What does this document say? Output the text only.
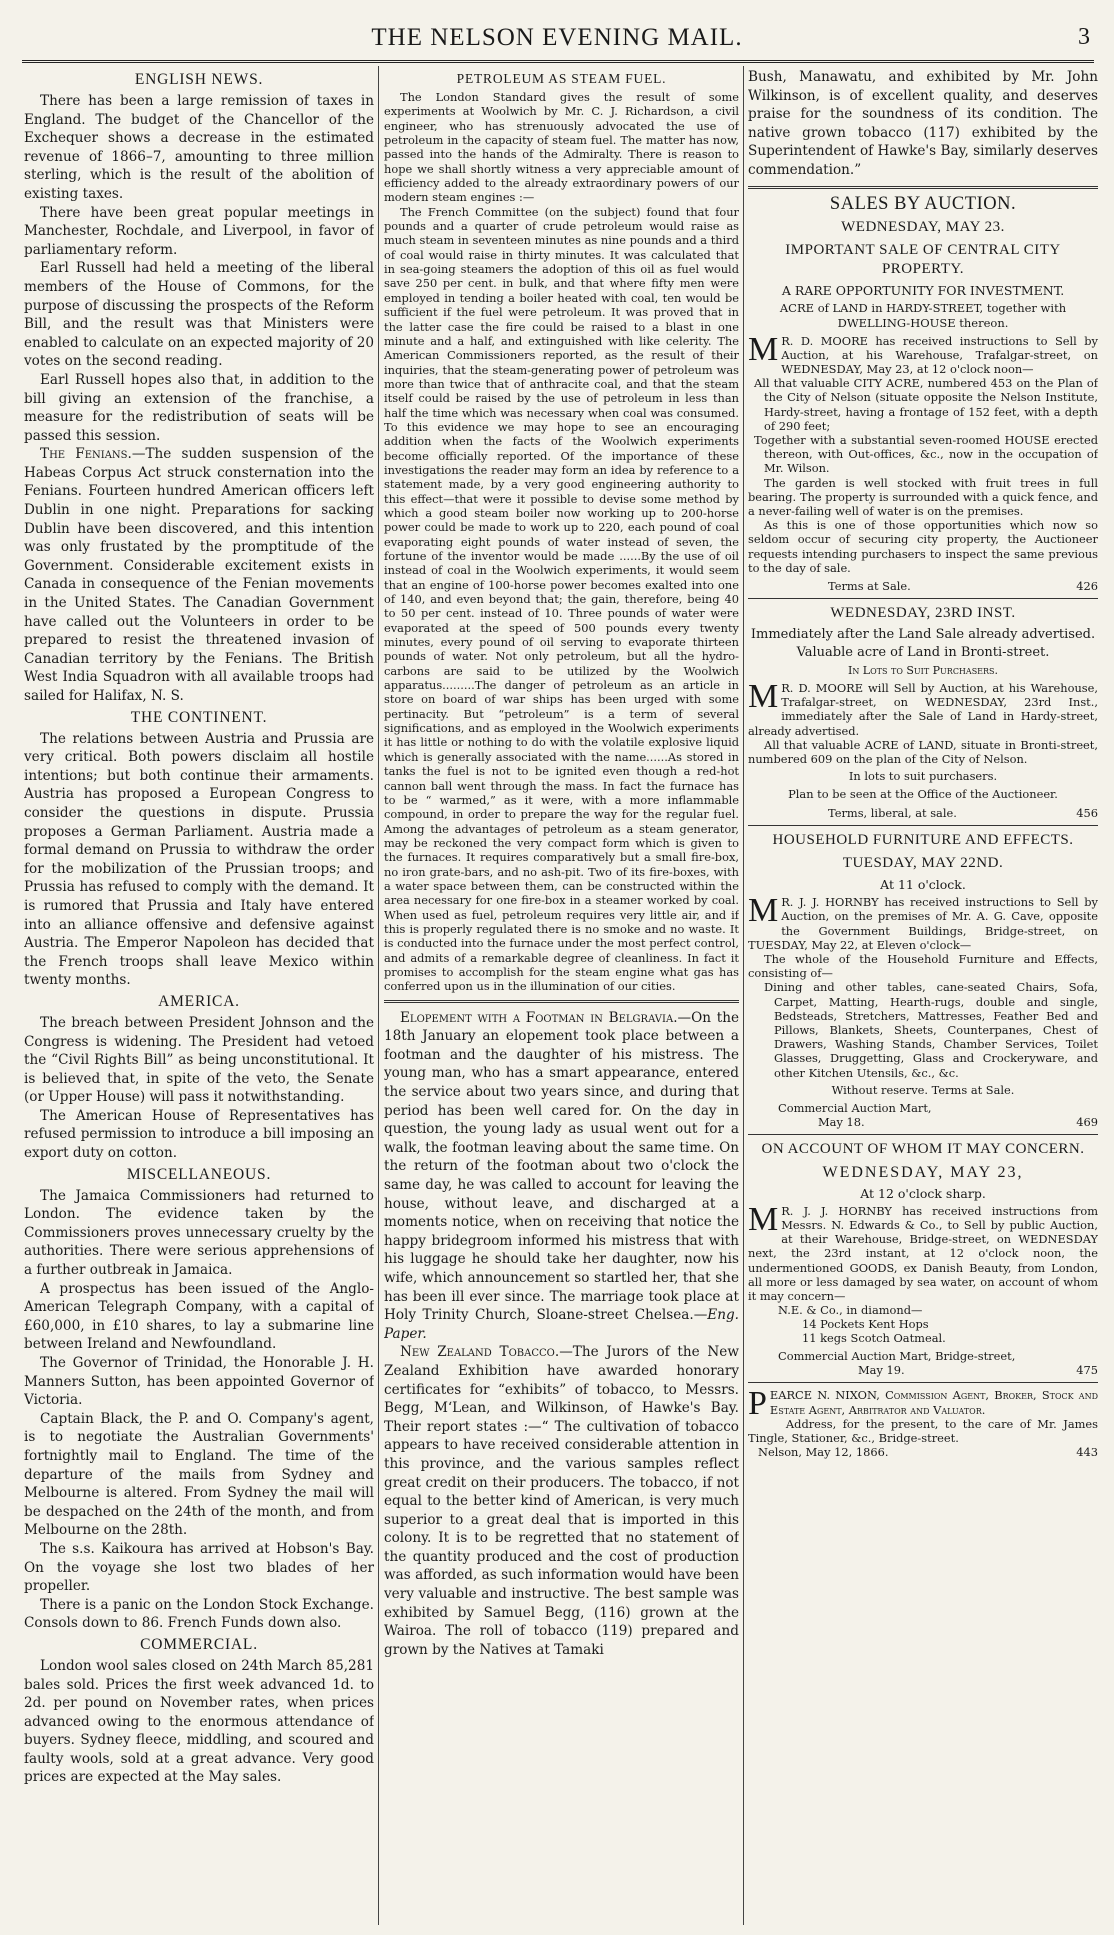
THE NELSON EVENING MAIL.	3
ENGLISH NEWS.

There has been a large remission of taxes in England. The budget of the Chancellor of the Exchequer shows a decrease in the estimated revenue of 1866–7, amounting to three million sterling, which is the result of the abolition of existing taxes.

There have been great popular meetings in Manchester, Rochdale, and Liverpool, in favor of parliamentary reform.

Earl Russell had held a meeting of the liberal members of the House of Commons, for the purpose of discussing the prospects of the Reform Bill, and the result was that Ministers were enabled to calculate on an expected majority of 20 votes on the second reading.

Earl Russell hopes also that, in addition to the bill giving an extension of the franchise, a measure for the redistribution of seats will be passed this session.

The Fenians.—The sudden suspension of the Habeas Corpus Act struck consternation into the Fenians. Fourteen hundred American officers left Dublin in one night. Preparations for sacking Dublin have been discovered, and this intention was only frustated by the promptitude of the Government. Considerable excitement exists in Canada in consequence of the Fenian movements in the United States. The Canadian Government have called out the Volunteers in order to be prepared to resist the threatened invasion of Canadian territory by the Fenians. The British West India Squadron with all available troops had sailed for Halifax, N. S.

THE CONTINENT.

The relations between Austria and Prussia are very critical. Both powers disclaim all hostile intentions; but both continue their armaments. Austria has proposed a European Congress to consider the questions in dispute. Prussia proposes a German Parliament. Austria made a formal demand on Prussia to withdraw the order for the mobilization of the Prussian troops; and Prussia has refused to comply with the demand. It is rumored that Prussia and Italy have entered into an alliance offensive and defensive against Austria. The Emperor Napoleon has decided that the French troops shall leave Mexico within twenty months.

AMERICA.

The breach between President Johnson and the Congress is widening. The President had vetoed the “Civil Rights Bill” as being unconstitutional. It is believed that, in spite of the veto, the Senate (or Upper House) will pass it notwithstanding.

The American House of Representatives has refused permission to introduce a bill imposing an export duty on cotton.

MISCELLANEOUS.

The Jamaica Commissioners had returned to London. The evidence taken by the Commissioners proves unnecessary cruelty by the authorities. There were serious apprehensions of a further outbreak in Jamaica.

A prospectus has been issued of the Anglo-American Telegraph Company, with a capital of £60,000, in £10 shares, to lay a submarine line between Ireland and Newfoundland.

The Governor of Trinidad, the Honorable J. H. Manners Sutton, has been appointed Governor of Victoria.

Captain Black, the P. and O. Company's agent, is to negotiate the Australian Governments' fortnightly mail to England. The time of the departure of the mails from Sydney and Melbourne is altered. From Sydney the mail will be despached on the 24th of the month, and from Melbourne on the 28th.

The s.s. Kaikoura has arrived at Hobson's Bay. On the voyage she lost two blades of her propeller.

There is a panic on the London Stock Exchange. Consols down to 86. French Funds down also.

COMMERCIAL.

London wool sales closed on 24th March 85,281 bales sold. Prices the first week advanced 1d. to 2d. per pound on November rates, when prices advanced owing to the enormous attendance of buyers. Sydney fleece, middling, and scoured and faulty wools, sold at a great advance. Very good prices are expected at the May sales.

PETROLEUM AS STEAM FUEL.

The London Standard gives the result of some experiments at Woolwich by Mr. C. J. Richardson, a civil engineer, who has strenuously advocated the use of petroleum in the capacity of steam fuel. The matter has now, passed into the hands of the Admiralty. There is reason to hope we shall shortly witness a very appreciable amount of efficiency added to the already extraordinary powers of our modern steam engines :—

The French Committee (on the subject) found that four pounds and a quarter of crude petroleum would raise as much steam in seventeen minutes as nine pounds and a third of coal would raise in thirty minutes. It was calculated that in sea-going steamers the adoption of this oil as fuel would save 250 per cent. in bulk, and that where fifty men were employed in tending a boiler heated with coal, ten would be sufficient if the fuel were petroleum. It was proved that in the latter case the fire could be raised to a blast in one minute and a half, and extinguished with like celerity. The American Commissioners reported, as the result of their inquiries, that the steam-generating power of petroleum was more than twice that of anthracite coal, and that the steam itself could be raised by the use of petroleum in less than half the time which was necessary when coal was consumed. To this evidence we may hope to see an encouraging addition when the facts of the Woolwich experiments become officially reported. Of the importance of these investigations the reader may form an idea by reference to a statement made, by a very good engineering authority to this effect—that were it possible to devise some method by which a good steam boiler now working up to 200-horse power could be made to work up to 220, each pound of coal evaporating eight pounds of water instead of seven, the fortune of the inventor would be made ......By the use of oil instead of coal in the Woolwich experiments, it would seem that an engine of 100-horse power becomes exalted into one of 140, and even beyond that; the gain, therefore, being 40 to 50 per cent. instead of 10. Three pounds of water were evaporated at the speed of 500 pounds every twenty minutes, every pound of oil serving to evaporate thirteen pounds of water. Not only petroleum, but all the hydro-carbons are said to be utilized by the Woolwich apparatus.........The danger of petroleum as an article in store on board of war ships has been urged with some pertinacity. But “petroleum” is a term of several significations, and as employed in the Woolwich experiments it has little or nothing to do with the volatile explosive liquid which is generally associated with the name......As stored in tanks the fuel is not to be ignited even though a red-hot cannon ball went through the mass. In fact the furnace has to be “ warmed,” as it were, with a more inflammable compound, in order to prepare the way for the regular fuel. Among the advantages of petroleum as a steam generator, may be reckoned the very compact form which is given to the furnaces. It requires comparatively but a small fire-box, no iron grate-bars, and no ash-pit. Two of its fire-boxes, with a water space between them, can be constructed within the area necessary for one fire-box in a steamer worked by coal. When used as fuel, petroleum requires very little air, and if this is properly regulated there is no smoke and no waste. It is conducted into the furnace under the most perfect control, and admits of a remarkable degree of cleanliness. In fact it promises to accomplish for the steam engine what gas has conferred upon us in the illumination of our cities.

Elopement with a Footman in Belgravia.—On the 18th January an elopement took place between a footman and the daughter of his mistress. The young man, who has a smart appearance, entered the service about two years since, and during that period has been well cared for. On the day in question, the young lady as usual went out for a walk, the footman leaving about the same time. On the return of the footman about two o'clock the same day, he was called to account for leaving the house, without leave, and discharged at a moments notice, when on receiving that notice the happy bridegroom informed his mistress that with his luggage he should take her daughter, now his wife, which announcement so startled her, that she has been ill ever since. The marriage took place at Holy Trinity Church, Sloane-street Chelsea.—Eng. Paper.

New Zealand Tobacco.—The Jurors of the New Zealand Exhibition have awarded honorary certificates for “exhibits” of tobacco, to Messrs. Begg, M‘Lean, and Wilkinson, of Hawke's Bay. Their report states :—“ The cultivation of tobacco appears to have received considerable attention in this province, and the various samples reflect great credit on their producers. The tobacco, if not equal to the better kind of American, is very much superior to a great deal that is imported in this colony. It is to be regretted that no statement of the quantity produced and the cost of production was afforded, as such information would have been very valuable and instructive. The best sample was exhibited by Samuel Begg, (116) grown at the Wairoa. The roll of tobacco (119) prepared and grown by the Natives at Tamaki

Bush, Manawatu, and exhibited by Mr. John Wilkinson, is of excellent quality, and deserves praise for the soundness of its condition. The native grown tobacco (117) exhibited by the Superintendent of Hawke's Bay, similarly deserves commendation.”

SALES BY AUCTION.
WEDNESDAY, MAY 23.
IMPORTANT SALE OF CENTRAL CITY PROPERTY.
A RARE OPPORTUNITY FOR INVESTMENT.
ACRE of LAND in HARDY-STREET, together with DWELLING-HOUSE thereon.

M R. D. MOORE has received instructions to Sell by Auction, at his Warehouse, Trafalgar-street, on WEDNESDAY, May 23, at 12 o'clock noon—

All that valuable CITY ACRE, numbered 453 on the Plan of the City of Nelson (situate opposite the Nelson Institute, Hardy-street, having a frontage of 152 feet, with a depth of 290 feet;

Together with a substantial seven-roomed HOUSE erected thereon, with Out-offices, &c., now in the occupation of Mr. Wilson.

The garden is well stocked with fruit trees in full bearing. The property is surrounded with a quick fence, and a never-failing well of water is on the premises.

As this is one of those opportunities which now so seldom occur of securing city property, the Auctioneer requests intending purchasers to inspect the same previous to the day of sale.

Terms at Sale.	426
WEDNESDAY, 23RD INST.
Immediately after the Land Sale already advertised.
Valuable acre of Land in Bronti-street.
In Lots to Suit Purchasers.

M R. D. MOORE will Sell by Auction, at his Warehouse, Trafalgar-street, on WEDNESDAY, 23rd Inst., immediately after the Sale of Land in Hardy-street, already advertised.

All that valuable ACRE of LAND, situate in Bronti-street, numbered 609 on the plan of the City of Nelson.

In lots to suit purchasers.
Plan to be seen at the Office of the Auctioneer.
Terms, liberal, at sale.	456
HOUSEHOLD FURNITURE AND EFFECTS.
TUESDAY, MAY 22ND.
At 11 o'clock.

M R. J. J. HORNBY has received instructions to Sell by Auction, on the premises of Mr. A. G. Cave, opposite the Government Buildings, Bridge-street, on TUESDAY, May 22, at Eleven o'clock—

The whole of the Household Furniture and Effects, consisting of—

Dining and other tables, cane-seated Chairs, Sofa, Carpet, Matting, Hearth-rugs, double and single, Bedsteads, Stretchers, Mattresses, Feather Bed and Pillows, Blankets, Sheets, Counterpanes, Chest of Drawers, Washing Stands, Chamber Services, Toilet Glasses, Druggetting, Glass and Crockeryware, and other Kitchen Utensils, &c., &c.

Without reserve. Terms at Sale.
Commercial Auction Mart,
May 18.	469
ON ACCOUNT OF WHOM IT MAY CONCERN.
WEDNESDAY, MAY 23,
At 12 o'clock sharp.

M R. J. J. HORNBY has received instructions from Messrs. N. Edwards & Co., to Sell by public Auction, at their Warehouse, Bridge-street, on WEDNESDAY next, the 23rd instant, at 12 o'clock noon, the undermentioned GOODS, ex Danish Beauty, from London, all more or less damaged by sea water, on account of whom it may concern—

N.E. & Co., in diamond—
14 Pockets Kent Hops
11 kegs Scotch Oatmeal.
Commercial Auction Mart, Bridge-street,
May 19.	475

PEARCE N. NIXON, Commission Agent, Broker, Stock and Estate Agent, Arbitrator and Valuator.

Address, for the present, to the care of Mr. James Tingle, Stationer, &c., Bridge-street.

Nelson, May 12, 1866.	443
